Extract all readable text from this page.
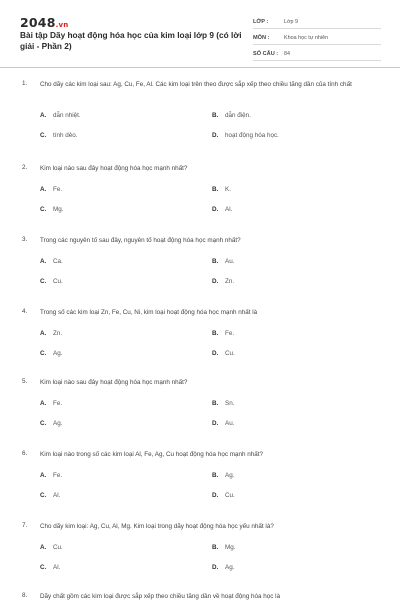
2048.vn
Bài tập Dãy hoạt động hóa học của kim loại lớp 9 (có lời giải - Phần 2)
LỚP :	Lớp 9
MÔN :	Khoa học tự nhiên
SỐ CÂU :	84
1. Cho dãy các kim loại sau: Ag, Cu, Fe, Al. Các kim loại trên theo được sắp xếp theo chiều tăng dần của tính chất
A. dẫn nhiệt.	B. dẫn điện.
C. tính dẻo.	D. hoạt động hóa học.
2. Kim loại nào sau đây hoạt động hóa học mạnh nhất?
A. Fe.	B. K.
C. Mg.	D. Al.
3. Trong các nguyên tố sau đây, nguyên tố hoạt động hóa học mạnh nhất?
A. Ca.	B. Au.
C. Cu.	D. Zn.
4. Trong số các kim loại Zn, Fe, Cu, Ni, kim loại hoạt động hóa học mạnh nhất là
A. Zn.	B. Fe.
C. Ag.	D. Cu.
5. Kim loại nào sau đây hoạt động hóa học mạnh nhất?
A. Fe.	B. Sn.
C. Ag.	D. Au.
6. Kim loại nào trong số các kim loại Al, Fe, Ag, Cu hoạt động hóa học mạnh nhất?
A. Fe.	B. Ag.
C. Al.	D. Cu.
7. Cho dãy kim loại: Ag, Cu, Al, Mg. Kim loại trong dãy hoạt động hóa học yếu nhất là?
A. Cu.	B. Mg.
C. Al.	D. Ag.
8. Dãy chất gồm các kim loại được sắp xếp theo chiều tăng dần về hoạt động hóa học là
